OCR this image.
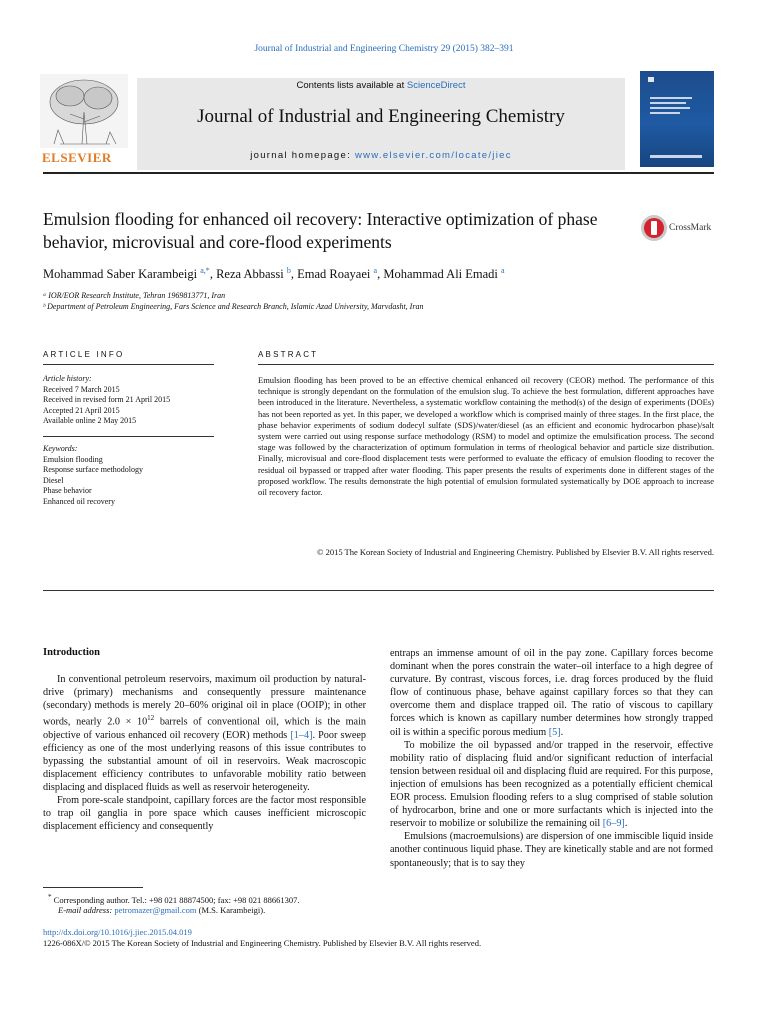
Journal of Industrial and Engineering Chemistry 29 (2015) 382–391
ELSEVIER
Contents lists available at ScienceDirect
Journal of Industrial and Engineering Chemistry
journal homepage: www.elsevier.com/locate/jiec
Emulsion flooding for enhanced oil recovery: Interactive optimization of phase behavior, microvisual and core-flood experiments
CrossMark
Mohammad Saber Karambeigi $^{a,*}$, Reza Abbassi $^b$, Emad Roayaei $^a$, Mohammad Ali Emadi $^a$
ᵃ IOR/EOR Research Institute, Tehran 1969813771, Iran
ᵇ Department of Petroleum Engineering, Fars Science and Research Branch, Islamic Azad University, Marvdasht, Iran
ARTICLE INFO
Article history:
Received 7 March 2015
Received in revised form 21 April 2015
Accepted 21 April 2015
Available online 2 May 2015
Keywords:
Emulsion flooding
Response surface methodology
Diesel
Phase behavior
Enhanced oil recovery
ABSTRACT
Emulsion flooding has been proved to be an effective chemical enhanced oil recovery (CEOR) method. The performance of this technique is strongly dependant on the formulation of the emulsion slug. To achieve the best formulation, different approaches have been introduced in the literature. Nevertheless, a systematic workflow containing the method(s) of the design of experiments (DOEs) has not been reported as yet. In this paper, we developed a workflow which is comprised mainly of three stages. In the first place, the phase behavior experiments of sodium dodecyl sulfate (SDS)/water/diesel (as an efficient and economic hydrocarbon phase)/salt system were carried out using response surface methodology (RSM) to model and optimize the emulsification process. The second stage was followed by the characterization of optimum formulation in terms of rheological behavior and particle size distribution. Finally, microvisual and core-flood displacement tests were performed to evaluate the efficacy of emulsion flooding to recover the residual oil bypassed or trapped after water flooding. This paper presents the results of experiments done in different stages of the proposed workflow. The results demonstrate the high potential of emulsion formulated systematically by DOE approach to increase oil recovery factor.
© 2015 The Korean Society of Industrial and Engineering Chemistry. Published by Elsevier B.V. All rights reserved.
Introduction

In conventional petroleum reservoirs, maximum oil production by natural-drive (primary) mechanisms and consequently pressure maintenance (secondary) methods is merely 20–60% original oil in place (OOIP); in other words, nearly $2.0 \times 10^{12}$ barrels of conventional oil, which is the main objective of various enhanced oil recovery (EOR) methods [1–4]. Poor sweep efficiency as one of the most underlying reasons of this issue contributes to bypassing the substantial amount of oil in reservoirs. Weak macroscopic displacement efficiency contributes to unfavorable mobility ratio between displacing and displaced fluids as well as reservoir heterogeneity.

From pore-scale standpoint, capillary forces are the factor most responsible to trap oil ganglia in pore space which causes inefficient microscopic displacement efficiency and consequently

entraps an immense amount of oil in the pay zone. Capillary forces become dominant when the pores constrain the water–oil interface to a high degree of curvature. By contrast, viscous forces, i.e. drag forces produced by the fluid flow of continuous phase, behave against capillary forces so that they can overcome them and displace trapped oil. The ratio of viscous to capillary forces which is known as capillary number determines how strongly trapped oil is within a specific porous medium [5].

To mobilize the oil bypassed and/or trapped in the reservoir, effective mobility ratio of displacing fluid and/or significant reduction of interfacial tension between residual oil and displacing fluid are required. For this purpose, injection of emulsions has been recognized as a potentially efficient chemical EOR process. Emulsion flooding refers to a slug comprised of stable solution of hydrocarbon, brine and one or more surfactants which is injected into the reservoir to mobilize or solubilize the remaining oil [6–9].

Emulsions (macroemulsions) are dispersion of one immiscible liquid inside another continuous liquid phase. They are kinetically stable and are not formed spontaneously; that is to say they

* Corresponding author. Tel.: +98 021 88874500; fax: +98 021 88661307.
E-mail address: petromazer@gmail.com (M.S. Karambeigi).
http://dx.doi.org/10.1016/j.jiec.2015.04.019
1226-086X/© 2015 The Korean Society of Industrial and Engineering Chemistry. Published by Elsevier B.V. All rights reserved.
